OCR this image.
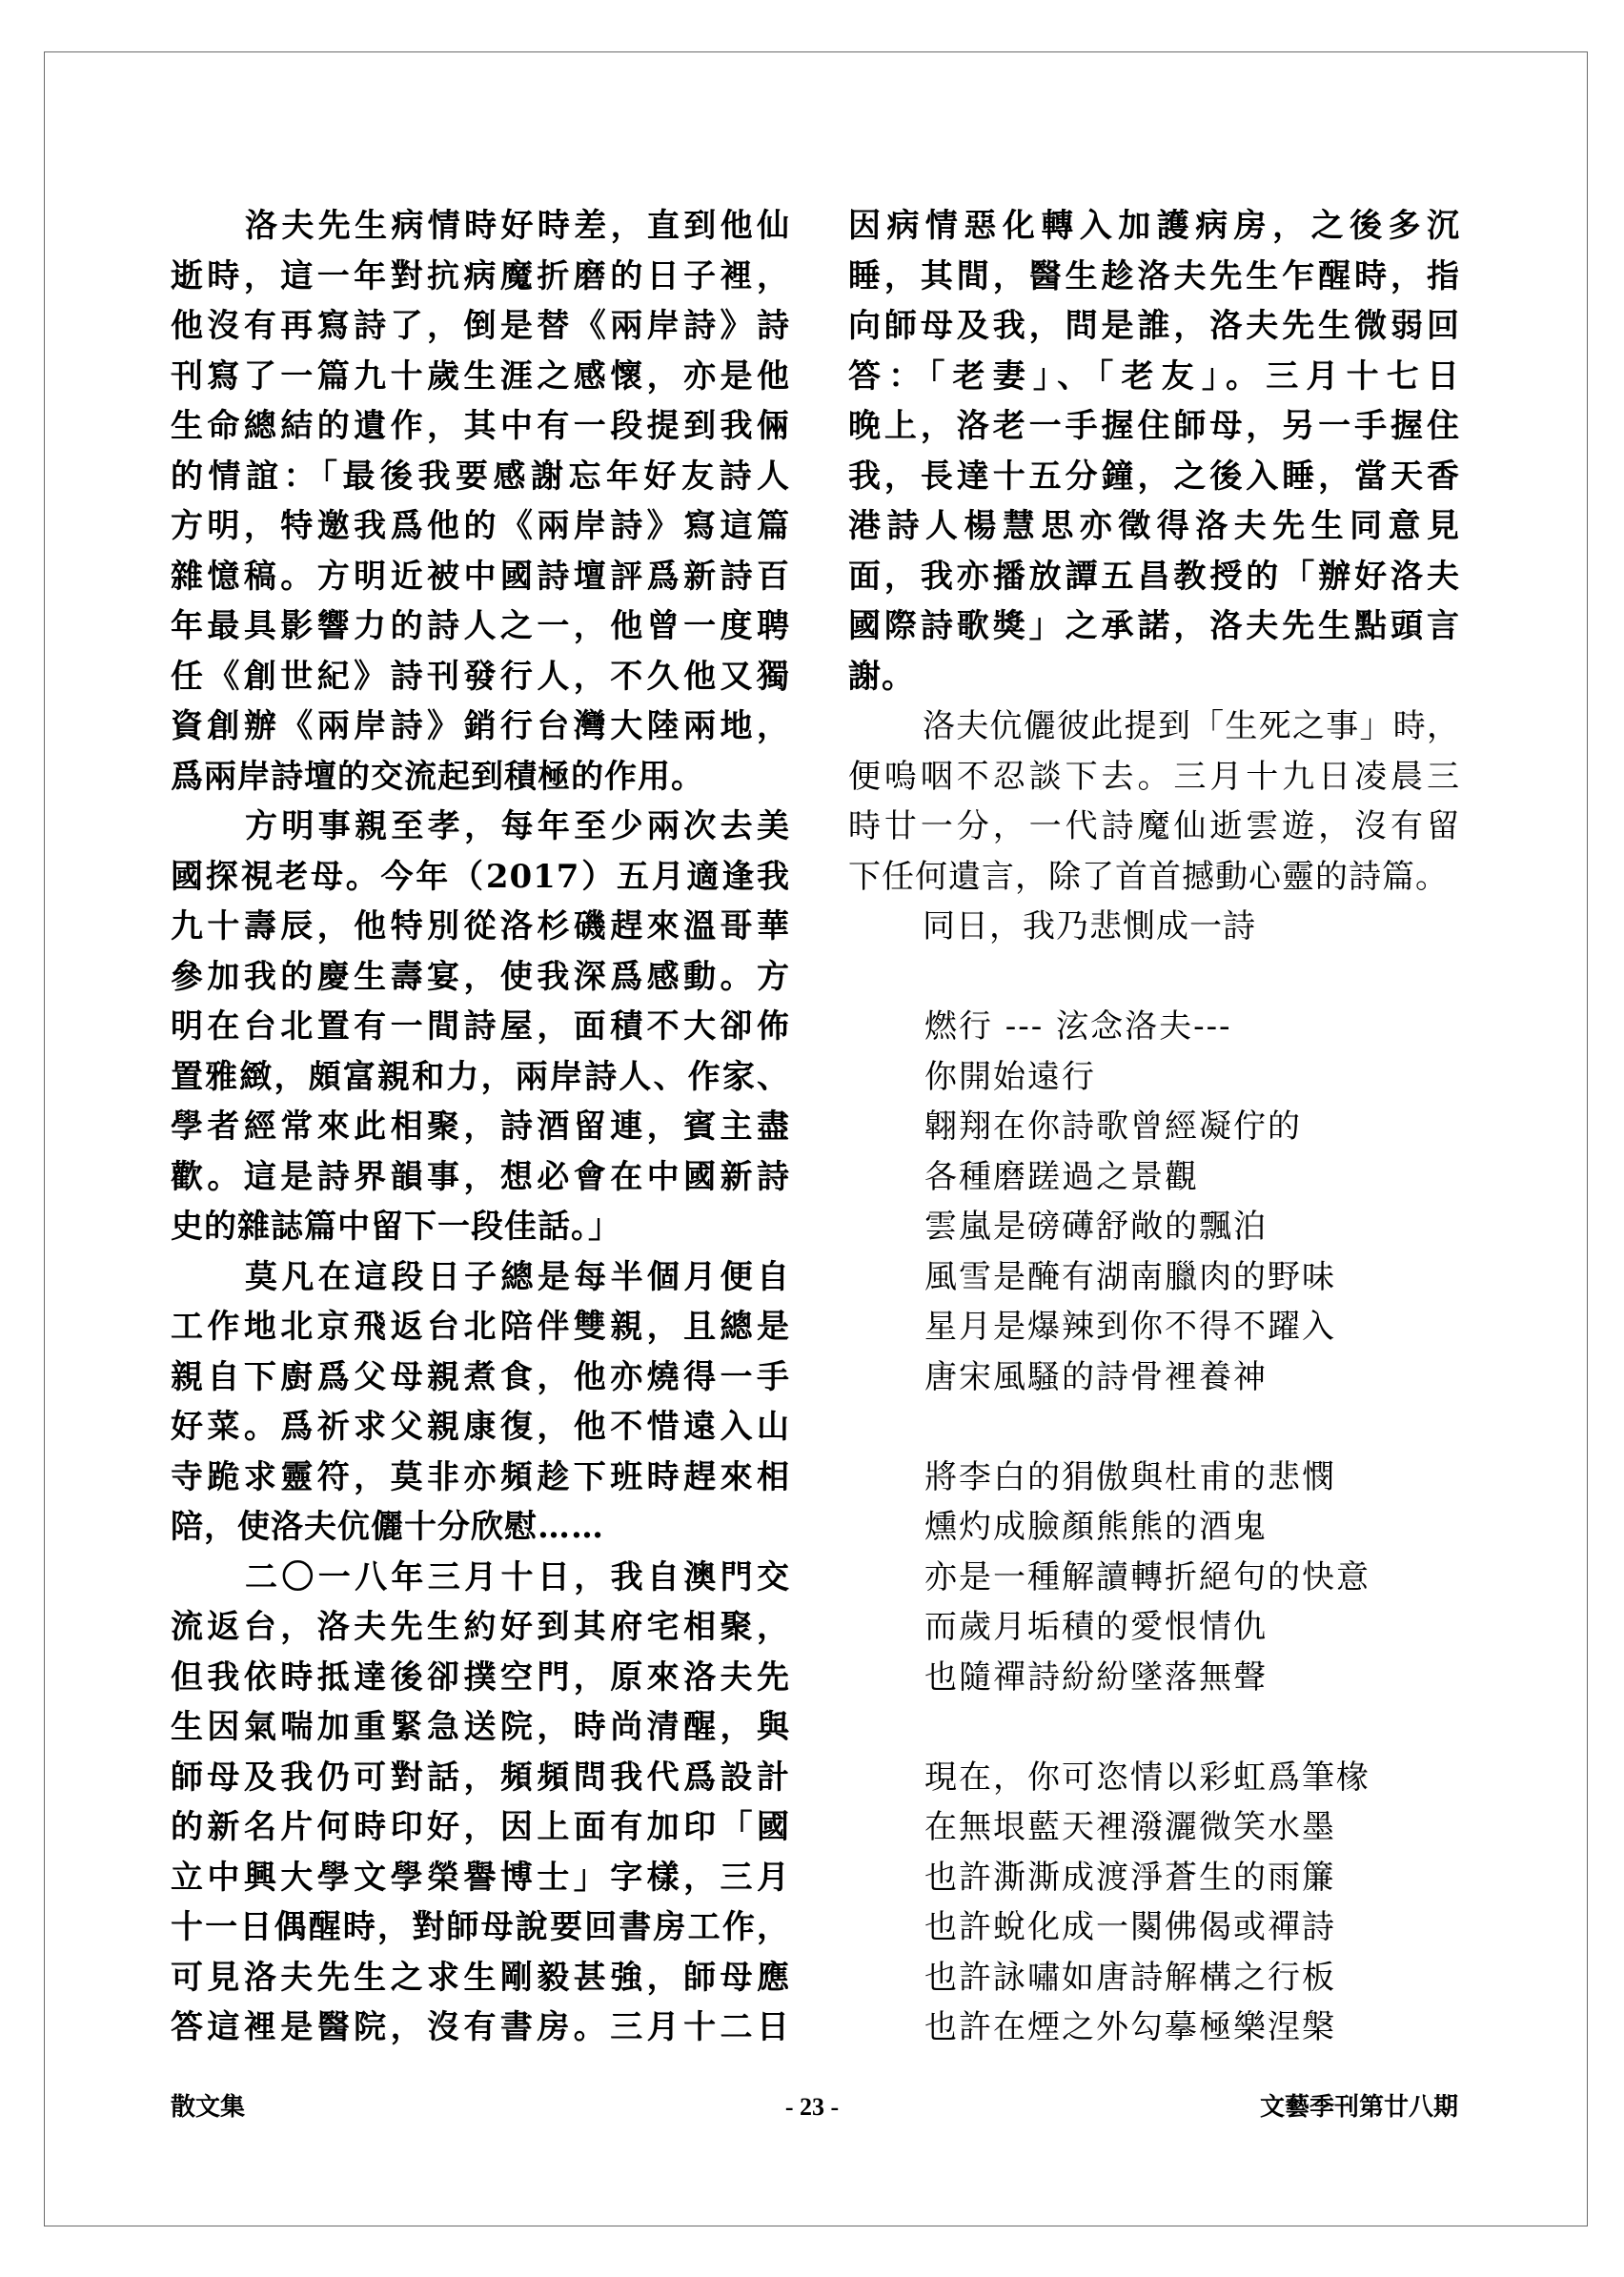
洛夫先生病情時好時差，直到他仙
逝時，這一年對抗病魔折磨的日子裡，
他沒有再寫詩了，倒是替《兩岸詩》詩
刊寫了一篇九十歲生涯之感懷，亦是他
生命總結的遺作，其中有一段提到我倆
的情誼：「最後我要感謝忘年好友詩人
方明，特邀我爲他的《兩岸詩》寫這篇
雜憶稿。方明近被中國詩壇評爲新詩百
年最具影響力的詩人之一，他曾一度聘
任《創世紀》詩刊發行人，不久他又獨
資創辦《兩岸詩》銷行台灣大陸兩地，
爲兩岸詩壇的交流起到積極的作用。
方明事親至孝，每年至少兩次去美
國探視老母。今年（2017）五月適逢我
九十壽辰，他特別從洛杉磯趕來溫哥華
參加我的慶生壽宴，使我深爲感動。方
明在台北置有一間詩屋，面積不大卻佈
置雅緻，頗富親和力，兩岸詩人、作家、
學者經常來此相聚，詩酒留連，賓主盡
歡。這是詩界韻事，想必會在中國新詩
史的雜誌篇中留下一段佳話。」
莫凡在這段日子總是每半個月便自
工作地北京飛返台北陪伴雙親，且總是
親自下廚爲父母親煮食，他亦燒得一手
好菜。爲祈求父親康復，他不惜遠入山
寺跪求靈符，莫非亦頻趁下班時趕來相
陪，使洛夫伉儷十分欣慰……
二〇一八年三月十日，我自澳門交
流返台，洛夫先生約好到其府宅相聚，
但我依時抵達後卻撲空門，原來洛夫先
生因氣喘加重緊急送院，時尚清醒，與
師母及我仍可對話，頻頻問我代爲設計
的新名片何時印好，因上面有加印「國
立中興大學文學榮譽博士」字樣，三月
十一日偶醒時，對師母說要回書房工作，
可見洛夫先生之求生剛毅甚強，師母應
答這裡是醫院，沒有書房。三月十二日
因病情惡化轉入加護病房，之後多沉
睡，其間，醫生趁洛夫先生乍醒時，指
向師母及我，問是誰，洛夫先生微弱回
答：「老妻」、「老友」。三月十七日
晚上，洛老一手握住師母，另一手握住
我，長達十五分鐘，之後入睡，當天香
港詩人楊慧思亦徵得洛夫先生同意見
面，我亦播放譚五昌教授的「辦好洛夫
國際詩歌獎」之承諾，洛夫先生點頭言
謝。
洛夫伉儷彼此提到「生死之事」時，
便嗚咽不忍談下去。三月十九日凌晨三
時廿一分，一代詩魔仙逝雲遊，沒有留
下任何遺言，除了首首撼動心靈的詩篇。
同日，我乃悲惻成一詩
燃行 --- 泫念洛夫---
你開始遠行
翺翔在你詩歌曾經凝佇的
各種磨蹉過之景觀
雲嵐是磅礡舒敞的飄泊
風雪是醃有湖南臘肉的野味
星月是爆辣到你不得不躍入
唐宋風騷的詩骨裡養神
將李白的狷傲與杜甫的悲憫
燻灼成臉顏熊熊的酒鬼
亦是一種解讀轉折絕句的快意
而歲月垢積的愛恨情仇
也隨禪詩紛紛墜落無聲
現在，你可恣情以彩虹爲筆椽
在無垠藍天裡潑灑微笑水墨
也許澌澌成渡淨蒼生的雨簾
也許蛻化成一闋佛偈或禪詩
也許詠嘯如唐詩解構之行板
也許在煙之外勾摹極樂涅槃
散文集	- 23 -	文藝季刊第廿八期
